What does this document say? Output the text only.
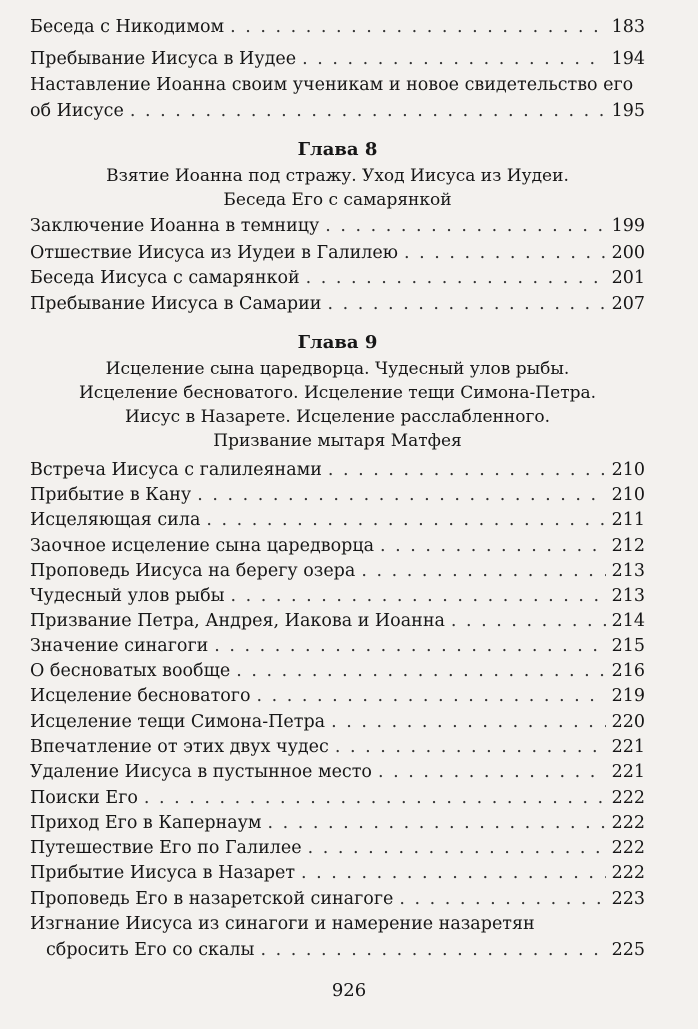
Беседа с Никодимом . . .	183
Пребывание Иисуса в Иудее . . .	194
Наставление Иоанна своим ученикам и новое свидетельство его
об Иисусе . . .	195
Глава 8
Взятие Иоанна под стражу. Уход Иисуса из Иудеи.
Беседа Его с самарянкой
Заключение Иоанна в темницу . . .	199
Отшествие Иисуса из Иудеи в Галилею . . .	200
Беседа Иисуса с самарянкой . . .	201
Пребывание Иисуса в Самарии . . .	207
Глава 9
Исцеление сына царедворца. Чудесный улов рыбы.
Исцеление бесноватого. Исцеление тещи Симона-Петра.
Иисус в Назарете. Исцеление расслабленного.
Призвание мытаря Матфея
Встреча Иисуса с галилеянами . . .	210
Прибытие в Кану . . .	210
Исцеляющая сила . . .	211
Заочное исцеление сына царедворца . . .	212
Проповедь Иисуса на берегу озера . . .	213
Чудесный улов рыбы . . .	213
Призвание Петра, Андрея, Иакова и Иоанна . . .	214
Значение синагоги . . .	215
О бесноватых вообще . . .	216
Исцеление бесноватого . . .	219
Исцеление тещи Симона-Петра . . .	220
Впечатление от этих двух чудес . . .	221
Удаление Иисуса в пустынное место . . .	221
Поиски Его . . .	222
Приход Его в Капернаум . . .	222
Путешествие Его по Галилее . . .	222
Прибытие Иисуса в Назарет . . .	222
Проповедь Его в назаретской синагоге . . .	223
Изгнание Иисуса из синагоги и намерение назаретян
сбросить Его со скалы . . .	225
926
